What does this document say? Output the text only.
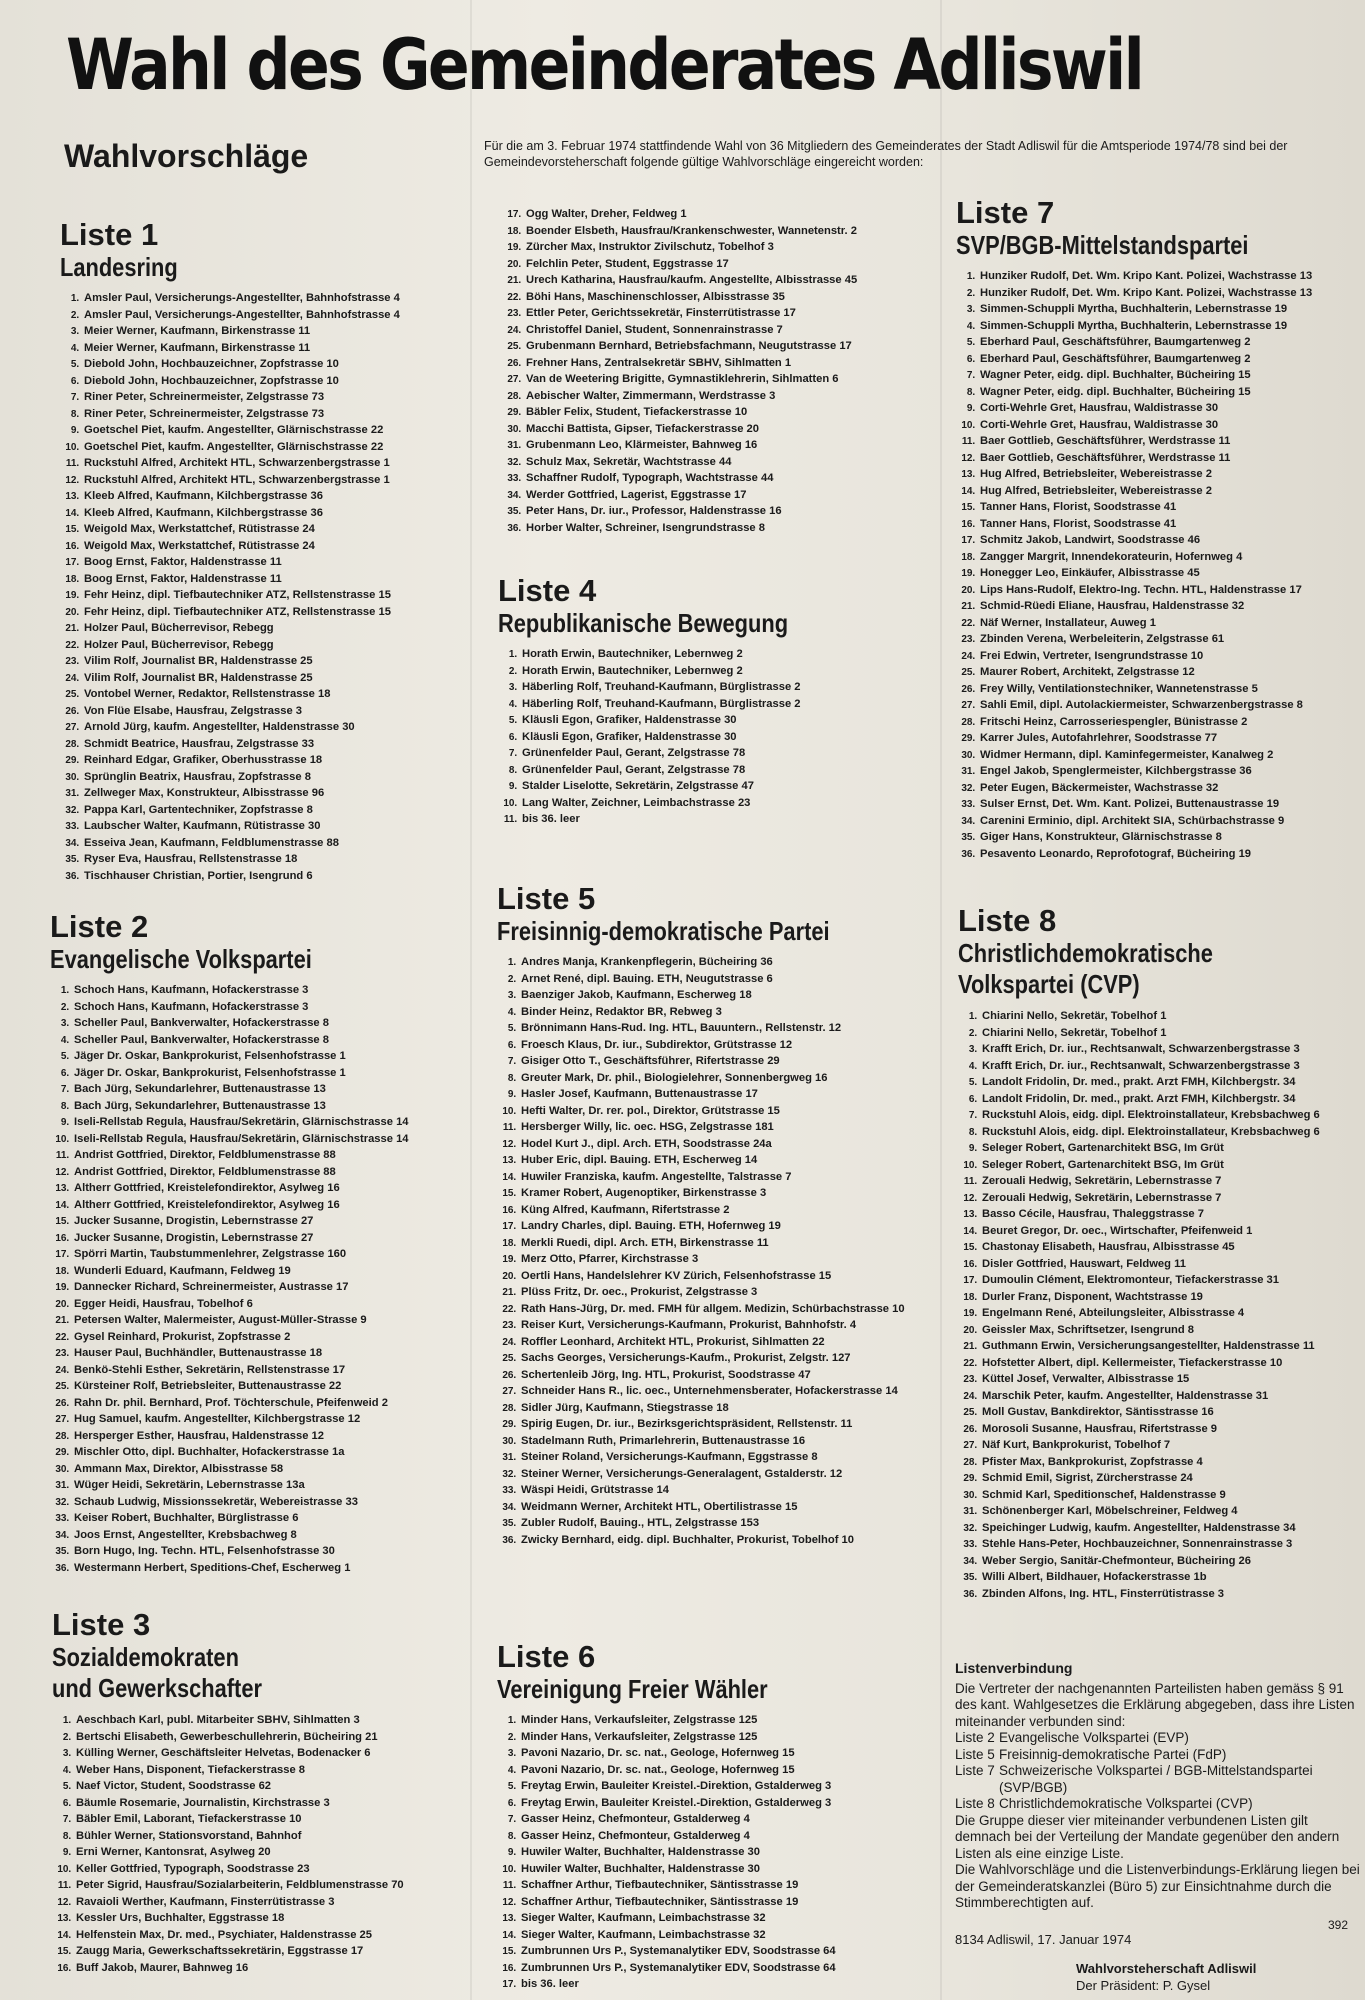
Wahl des Gemeinderates Adliswil
Wahlvorschläge	Für die am 3. Februar 1974 stattfindende Wahl von 36 Mitgliedern des Gemeinderates der Stadt Adliswil für die Amtsperiode 1974/78 sind bei der Gemeindevorsteherschaft folgende gültige Wahlvorschläge eingereicht worden:
Liste 1
Landesring
1. Amsler Paul, Versicherungs-Angestellter, Bahnhofstrasse 4
2. Amsler Paul, Versicherungs-Angestellter, Bahnhofstrasse 4
3. Meier Werner, Kaufmann, Birkenstrasse 11
4. Meier Werner, Kaufmann, Birkenstrasse 11
5. Diebold John, Hochbauzeichner, Zopfstrasse 10
6. Diebold John, Hochbauzeichner, Zopfstrasse 10
7. Riner Peter, Schreinermeister, Zelgstrasse 73
8. Riner Peter, Schreinermeister, Zelgstrasse 73
9. Goetschel Piet, kaufm. Angestellter, Glärnischstrasse 22
10. Goetschel Piet, kaufm. Angestellter, Glärnischstrasse 22
11. Ruckstuhl Alfred, Architekt HTL, Schwarzenbergstrasse 1
12. Ruckstuhl Alfred, Architekt HTL, Schwarzenbergstrasse 1
13. Kleeb Alfred, Kaufmann, Kilchbergstrasse 36
14. Kleeb Alfred, Kaufmann, Kilchbergstrasse 36
15. Weigold Max, Werkstattchef, Rütistrasse 24
16. Weigold Max, Werkstattchef, Rütistrasse 24
17. Boog Ernst, Faktor, Haldenstrasse 11
18. Boog Ernst, Faktor, Haldenstrasse 11
19. Fehr Heinz, dipl. Tiefbautechniker ATZ, Rellstenstrasse 15
20. Fehr Heinz, dipl. Tiefbautechniker ATZ, Rellstenstrasse 15
21. Holzer Paul, Bücherrevisor, Rebegg
22. Holzer Paul, Bücherrevisor, Rebegg
23. Vilim Rolf, Journalist BR, Haldenstrasse 25
24. Vilim Rolf, Journalist BR, Haldenstrasse 25
25. Vontobel Werner, Redaktor, Rellstenstrasse 18
26. Von Flüe Elsabe, Hausfrau, Zelgstrasse 3
27. Arnold Jürg, kaufm. Angestellter, Haldenstrasse 30
28. Schmidt Beatrice, Hausfrau, Zelgstrasse 33
29. Reinhard Edgar, Grafiker, Oberhusstrasse 18
30. Sprünglin Beatrix, Hausfrau, Zopfstrasse 8
31. Zellweger Max, Konstrukteur, Albisstrasse 96
32. Pappa Karl, Gartentechniker, Zopfstrasse 8
33. Laubscher Walter, Kaufmann, Rütistrasse 30
34. Esseiva Jean, Kaufmann, Feldblumenstrasse 88
35. Ryser Eva, Hausfrau, Rellstenstrasse 18
36. Tischhauser Christian, Portier, Isengrund 6
Liste 2
Evangelische Volkspartei
1. Schoch Hans, Kaufmann, Hofackerstrasse 3
2. Schoch Hans, Kaufmann, Hofackerstrasse 3
3. Scheller Paul, Bankverwalter, Hofackerstrasse 8
4. Scheller Paul, Bankverwalter, Hofackerstrasse 8
5. Jäger Dr. Oskar, Bankprokurist, Felsenhofstrasse 1
6. Jäger Dr. Oskar, Bankprokurist, Felsenhofstrasse 1
7. Bach Jürg, Sekundarlehrer, Buttenaustrasse 13
8. Bach Jürg, Sekundarlehrer, Buttenaustrasse 13
9. Iseli-Rellstab Regula, Hausfrau/Sekretärin, Glärnischstrasse 14
10. Iseli-Rellstab Regula, Hausfrau/Sekretärin, Glärnischstrasse 14
11. Andrist Gottfried, Direktor, Feldblumenstrasse 88
12. Andrist Gottfried, Direktor, Feldblumenstrasse 88
13. Altherr Gottfried, Kreistelefondirektor, Asylweg 16
14. Altherr Gottfried, Kreistelefondirektor, Asylweg 16
15. Jucker Susanne, Drogistin, Lebernstrasse 27
16. Jucker Susanne, Drogistin, Lebernstrasse 27
17. Spörri Martin, Taubstummenlehrer, Zelgstrasse 160
18. Wunderli Eduard, Kaufmann, Feldweg 19
19. Dannecker Richard, Schreinermeister, Austrasse 17
20. Egger Heidi, Hausfrau, Tobelhof 6
21. Petersen Walter, Malermeister, August-Müller-Strasse 9
22. Gysel Reinhard, Prokurist, Zopfstrasse 2
23. Hauser Paul, Buchhändler, Buttenaustrasse 18
24. Benkö-Stehli Esther, Sekretärin, Rellstenstrasse 17
25. Kürsteiner Rolf, Betriebsleiter, Buttenaustrasse 22
26. Rahn Dr. phil. Bernhard, Prof. Töchterschule, Pfeifenweid 2
27. Hug Samuel, kaufm. Angestellter, Kilchbergstrasse 12
28. Hersperger Esther, Hausfrau, Haldenstrasse 12
29. Mischler Otto, dipl. Buchhalter, Hofackerstrasse 1a
30. Ammann Max, Direktor, Albisstrasse 58
31. Wüger Heidi, Sekretärin, Lebernstrasse 13a
32. Schaub Ludwig, Missionssekretär, Webereistrasse 33
33. Keiser Robert, Buchhalter, Bürglistrasse 6
34. Joos Ernst, Angestellter, Krebsbachweg 8
35. Born Hugo, Ing. Techn. HTL, Felsenhofstrasse 30
36. Westermann Herbert, Speditions-Chef, Escherweg 1
Liste 3
Sozialdemokraten und Gewerkschafter
1. Aeschbach Karl, publ. Mitarbeiter SBHV, Sihlmatten 3
2. Bertschi Elisabeth, Gewerbeschullehrerin, Bücheiring 21
3. Külling Werner, Geschäftsleiter Helvetas, Bodenacker 6
4. Weber Hans, Disponent, Tiefackerstrasse 8
5. Naef Victor, Student, Soodstrasse 62
6. Bäumle Rosemarie, Journalistin, Kirchstrasse 3
7. Bäbler Emil, Laborant, Tiefackerstrasse 10
8. Bühler Werner, Stationsvorstand, Bahnhof
9. Erni Werner, Kantonsrat, Asylweg 20
10. Keller Gottfried, Typograph, Soodstrasse 23
11. Peter Sigrid, Hausfrau/Sozialarbeiterin, Feldblumenstrasse 70
12. Ravaioli Werther, Kaufmann, Finsterrütistrasse 3
13. Kessler Urs, Buchhalter, Eggstrasse 18
14. Helfenstein Max, Dr. med., Psychiater, Haldenstrasse 25
15. Zaugg Maria, Gewerkschaftssekretärin, Eggstrasse 17
16. Buff Jakob, Maurer, Bahnweg 16
17. Ogg Walter, Dreher, Feldweg 1
18. Boender Elsbeth, Hausfrau/Krankenschwester, Wannetenstr. 2
19. Zürcher Max, Instruktor Zivilschutz, Tobelhof 3
20. Felchlin Peter, Student, Eggstrasse 17
21. Urech Katharina, Hausfrau/kaufm. Angestellte, Albisstrasse 45
22. Böhi Hans, Maschinenschlosser, Albisstrasse 35
23. Ettler Peter, Gerichtssekretär, Finsterrütistrasse 17
24. Christoffel Daniel, Student, Sonnenrainstrasse 7
25. Grubenmann Bernhard, Betriebsfachmann, Neugutstrasse 17
26. Frehner Hans, Zentralsekretär SBHV, Sihlmatten 1
27. Van de Weetering Brigitte, Gymnastiklehrerin, Sihlmatten 6
28. Aebischer Walter, Zimmermann, Werdstrasse 3
29. Bäbler Felix, Student, Tiefackerstrasse 10
30. Macchi Battista, Gipser, Tiefackerstrasse 20
31. Grubenmann Leo, Klärmeister, Bahnweg 16
32. Schulz Max, Sekretär, Wachtstrasse 44
33. Schaffner Rudolf, Typograph, Wachtstrasse 44
34. Werder Gottfried, Lagerist, Eggstrasse 17
35. Peter Hans, Dr. iur., Professor, Haldenstrasse 16
36. Horber Walter, Schreiner, Isengrundstrasse 8
Liste 4
Republikanische Bewegung
1. Horath Erwin, Bautechniker, Lebernweg 2
2. Horath Erwin, Bautechniker, Lebernweg 2
3. Häberling Rolf, Treuhand-Kaufmann, Bürglistrasse 2
4. Häberling Rolf, Treuhand-Kaufmann, Bürglistrasse 2
5. Kläusli Egon, Grafiker, Haldenstrasse 30
6. Kläusli Egon, Grafiker, Haldenstrasse 30
7. Grünenfelder Paul, Gerant, Zelgstrasse 78
8. Grünenfelder Paul, Gerant, Zelgstrasse 78
9. Stalder Liselotte, Sekretärin, Zelgstrasse 47
10. Lang Walter, Zeichner, Leimbachstrasse 23
11. bis 36. leer
Liste 5
Freisinnig-demokratische Partei
1. Andres Manja, Krankenpflegerin, Bücheiring 36
2. Arnet René, dipl. Bauing. ETH, Neugutstrasse 6
3. Baenziger Jakob, Kaufmann, Escherweg 18
4. Binder Heinz, Redaktor BR, Rebweg 3
5. Brönnimann Hans-Rud. Ing. HTL, Bauuntern., Rellstenstr. 12
6. Froesch Klaus, Dr. iur., Subdirektor, Grütstrasse 12
7. Gisiger Otto T., Geschäftsführer, Rifertstrasse 29
8. Greuter Mark, Dr. phil., Biologielehrer, Sonnenbergweg 16
9. Hasler Josef, Kaufmann, Buttenaustrasse 17
10. Hefti Walter, Dr. rer. pol., Direktor, Grütstrasse 15
11. Hersberger Willy, lic. oec. HSG, Zelgstrasse 181
12. Hodel Kurt J., dipl. Arch. ETH, Soodstrasse 24a
13. Huber Eric, dipl. Bauing. ETH, Escherweg 14
14. Huwiler Franziska, kaufm. Angestellte, Talstrasse 7
15. Kramer Robert, Augenoptiker, Birkenstrasse 3
16. Küng Alfred, Kaufmann, Rifertstrasse 2
17. Landry Charles, dipl. Bauing. ETH, Hofernweg 19
18. Merkli Ruedi, dipl. Arch. ETH, Birkenstrasse 11
19. Merz Otto, Pfarrer, Kirchstrasse 3
20. Oertli Hans, Handelslehrer KV Zürich, Felsenhofstrasse 15
21. Plüss Fritz, Dr. oec., Prokurist, Zelgstrasse 3
22. Rath Hans-Jürg, Dr. med. FMH für allgem. Medizin, Schürbachstrasse 10
23. Reiser Kurt, Versicherungs-Kaufmann, Prokurist, Bahnhofstr. 4
24. Roffler Leonhard, Architekt HTL, Prokurist, Sihlmatten 22
25. Sachs Georges, Versicherungs-Kaufm., Prokurist, Zelgstr. 127
26. Schertenleib Jörg, Ing. HTL, Prokurist, Soodstrasse 47
27. Schneider Hans R., lic. oec., Unternehmensberater, Hofackerstrasse 14
28. Sidler Jürg, Kaufmann, Stiegstrasse 18
29. Spirig Eugen, Dr. iur., Bezirksgerichtspräsident, Rellstenstr. 11
30. Stadelmann Ruth, Primarlehrerin, Buttenaustrasse 16
31. Steiner Roland, Versicherungs-Kaufmann, Eggstrasse 8
32. Steiner Werner, Versicherungs-Generalagent, Gstalderstr. 12
33. Wäspi Heidi, Grütstrasse 14
34. Weidmann Werner, Architekt HTL, Obertilistrasse 15
35. Zubler Rudolf, Bauing., HTL, Zelgstrasse 153
36. Zwicky Bernhard, eidg. dipl. Buchhalter, Prokurist, Tobelhof 10
Liste 6
Vereinigung Freier Wähler
1. Minder Hans, Verkaufsleiter, Zelgstrasse 125
2. Minder Hans, Verkaufsleiter, Zelgstrasse 125
3. Pavoni Nazario, Dr. sc. nat., Geologe, Hofernweg 15
4. Pavoni Nazario, Dr. sc. nat., Geologe, Hofernweg 15
5. Freytag Erwin, Bauleiter Kreistel.-Direktion, Gstalderweg 3
6. Freytag Erwin, Bauleiter Kreistel.-Direktion, Gstalderweg 3
7. Gasser Heinz, Chefmonteur, Gstalderweg 4
8. Gasser Heinz, Chefmonteur, Gstalderweg 4
9. Huwiler Walter, Buchhalter, Haldenstrasse 30
10. Huwiler Walter, Buchhalter, Haldenstrasse 30
11. Schaffner Arthur, Tiefbautechniker, Säntisstrasse 19
12. Schaffner Arthur, Tiefbautechniker, Säntisstrasse 19
13. Sieger Walter, Kaufmann, Leimbachstrasse 32
14. Sieger Walter, Kaufmann, Leimbachstrasse 32
15. Zumbrunnen Urs P., Systemanalytiker EDV, Soodstrasse 64
16. Zumbrunnen Urs P., Systemanalytiker EDV, Soodstrasse 64
17. bis 36. leer
Liste 7
SVP/BGB-Mittelstandspartei
1. Hunziker Rudolf, Det. Wm. Kripo Kant. Polizei, Wachstrasse 13
2. Hunziker Rudolf, Det. Wm. Kripo Kant. Polizei, Wachstrasse 13
3. Simmen-Schuppli Myrtha, Buchhalterin, Lebernstrasse 19
4. Simmen-Schuppli Myrtha, Buchhalterin, Lebernstrasse 19
5. Eberhard Paul, Geschäftsführer, Baumgartenweg 2
6. Eberhard Paul, Geschäftsführer, Baumgartenweg 2
7. Wagner Peter, eidg. dipl. Buchhalter, Bücheiring 15
8. Wagner Peter, eidg. dipl. Buchhalter, Bücheiring 15
9. Corti-Wehrle Gret, Hausfrau, Waldistrasse 30
10. Corti-Wehrle Gret, Hausfrau, Waldistrasse 30
11. Baer Gottlieb, Geschäftsführer, Werdstrasse 11
12. Baer Gottlieb, Geschäftsführer, Werdstrasse 11
13. Hug Alfred, Betriebsleiter, Webereistrasse 2
14. Hug Alfred, Betriebsleiter, Webereistrasse 2
15. Tanner Hans, Florist, Soodstrasse 41
16. Tanner Hans, Florist, Soodstrasse 41
17. Schmitz Jakob, Landwirt, Soodstrasse 46
18. Zangger Margrit, Innendekorateurin, Hofernweg 4
19. Honegger Leo, Einkäufer, Albisstrasse 45
20. Lips Hans-Rudolf, Elektro-Ing. Techn. HTL, Haldenstrasse 17
21. Schmid-Rüedi Eliane, Hausfrau, Haldenstrasse 32
22. Näf Werner, Installateur, Auweg 1
23. Zbinden Verena, Werbeleiterin, Zelgstrasse 61
24. Frei Edwin, Vertreter, Isengrundstrasse 10
25. Maurer Robert, Architekt, Zelgstrasse 12
26. Frey Willy, Ventilationstechniker, Wannetenstrasse 5
27. Sahli Emil, dipl. Autolackiermeister, Schwarzenbergstrasse 8
28. Fritschi Heinz, Carrosseriespengler, Bünistrasse 2
29. Karrer Jules, Autofahrlehrer, Soodstrasse 77
30. Widmer Hermann, dipl. Kaminfegermeister, Kanalweg 2
31. Engel Jakob, Spenglermeister, Kilchbergstrasse 36
32. Peter Eugen, Bäckermeister, Wachstrasse 32
33. Sulser Ernst, Det. Wm. Kant. Polizei, Buttenaustrasse 19
34. Carenini Erminio, dipl. Architekt SIA, Schürbachstrasse 9
35. Giger Hans, Konstrukteur, Glärnischstrasse 8
36. Pesavento Leonardo, Reprofotograf, Bücheiring 19
Liste 8
Christlichdemokratische Volkspartei (CVP)
1. Chiarini Nello, Sekretär, Tobelhof 1
2. Chiarini Nello, Sekretär, Tobelhof 1
3. Krafft Erich, Dr. iur., Rechtsanwalt, Schwarzenbergstrasse 3
4. Krafft Erich, Dr. iur., Rechtsanwalt, Schwarzenbergstrasse 3
5. Landolt Fridolin, Dr. med., prakt. Arzt FMH, Kilchbergstr. 34
6. Landolt Fridolin, Dr. med., prakt. Arzt FMH, Kilchbergstr. 34
7. Ruckstuhl Alois, eidg. dipl. Elektroinstallateur, Krebsbachweg 6
8. Ruckstuhl Alois, eidg. dipl. Elektroinstallateur, Krebsbachweg 6
9. Seleger Robert, Gartenarchitekt BSG, Im Grüt
10. Seleger Robert, Gartenarchitekt BSG, Im Grüt
11. Zerouali Hedwig, Sekretärin, Lebernstrasse 7
12. Zerouali Hedwig, Sekretärin, Lebernstrasse 7
13. Basso Cécile, Hausfrau, Thaleggstrasse 7
14. Beuret Gregor, Dr. oec., Wirtschafter, Pfeifenweid 1
15. Chastonay Elisabeth, Hausfrau, Albisstrasse 45
16. Disler Gottfried, Hauswart, Feldweg 11
17. Dumoulin Clément, Elektromonteur, Tiefackerstrasse 31
18. Durler Franz, Disponent, Wachtstrasse 19
19. Engelmann René, Abteilungsleiter, Albisstrasse 4
20. Geissler Max, Schriftsetzer, Isengrund 8
21. Guthmann Erwin, Versicherungsangestellter, Haldenstrasse 11
22. Hofstetter Albert, dipl. Kellermeister, Tiefackerstrasse 10
23. Küttel Josef, Verwalter, Albisstrasse 15
24. Marschik Peter, kaufm. Angestellter, Haldenstrasse 31
25. Moll Gustav, Bankdirektor, Säntisstrasse 16
26. Morosoli Susanne, Hausfrau, Rifertstrasse 9
27. Näf Kurt, Bankprokurist, Tobelhof 7
28. Pfister Max, Bankprokurist, Zopfstrasse 4
29. Schmid Emil, Sigrist, Zürcherstrasse 24
30. Schmid Karl, Speditionschef, Haldenstrasse 9
31. Schönenberger Karl, Möbelschreiner, Feldweg 4
32. Speichinger Ludwig, kaufm. Angestellter, Haldenstrasse 34
33. Stehle Hans-Peter, Hochbauzeichner, Sonnenrainstrasse 3
34. Weber Sergio, Sanitär-Chefmonteur, Bücheiring 26
35. Willi Albert, Bildhauer, Hofackerstrasse 1b
36. Zbinden Alfons, Ing. HTL, Finsterrütistrasse 3
Listenverbindung

Die Vertreter der nachgenannten Parteilisten haben gemäss § 91 des kant. Wahlgesetzes die Erklärung abgegeben, dass ihre Listen miteinander verbunden sind:

Liste 2 Evangelische Volkspartei (EVP)
Liste 5 Freisinnig-demokratische Partei (FdP)
Liste 7 Schweizerische Volkspartei / BGB-Mittelstandspartei (SVP/BGB)
Liste 8 Christlichdemokratische Volkspartei (CVP)

Die Gruppe dieser vier miteinander verbundenen Listen gilt demnach bei der Verteilung der Mandate gegenüber den andern Listen als eine einzige Liste.

Die Wahlvorschläge und die Listenverbindungs-Erklärung liegen bei der Gemeinderatskanzlei (Büro 5) zur Einsichtnahme durch die Stimmberechtigten auf.

8134 Adliswil, 17. Januar 1974
392
Wahlvorsteherschaft Adliswil
Der Präsident: P. Gysel
